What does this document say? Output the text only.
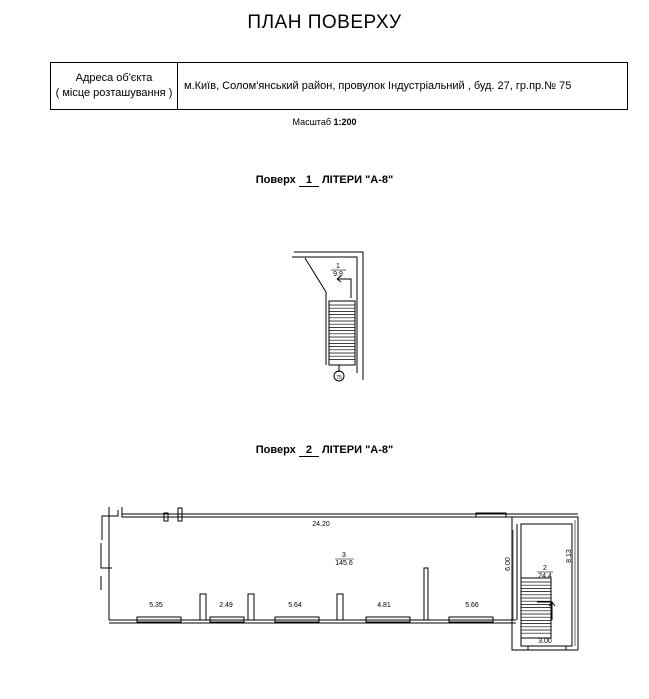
ПЛАН ПОВЕРХУ
Адреса об'єкта
( місце розташування )
м.Київ, Солом'янський район, провулок Індустріальний , буд. 27, гр.пр.№ 75
Масштаб 1:200
Поверх 1 ЛІТЕРИ "А-8"
Поверх 2 ЛІТЕРИ "А-8"
1
9.9
75
24.20
3
145.6
2
24.4
6.00
8.13
3.00
5.35	2.49	5.64	4.81	5.66
